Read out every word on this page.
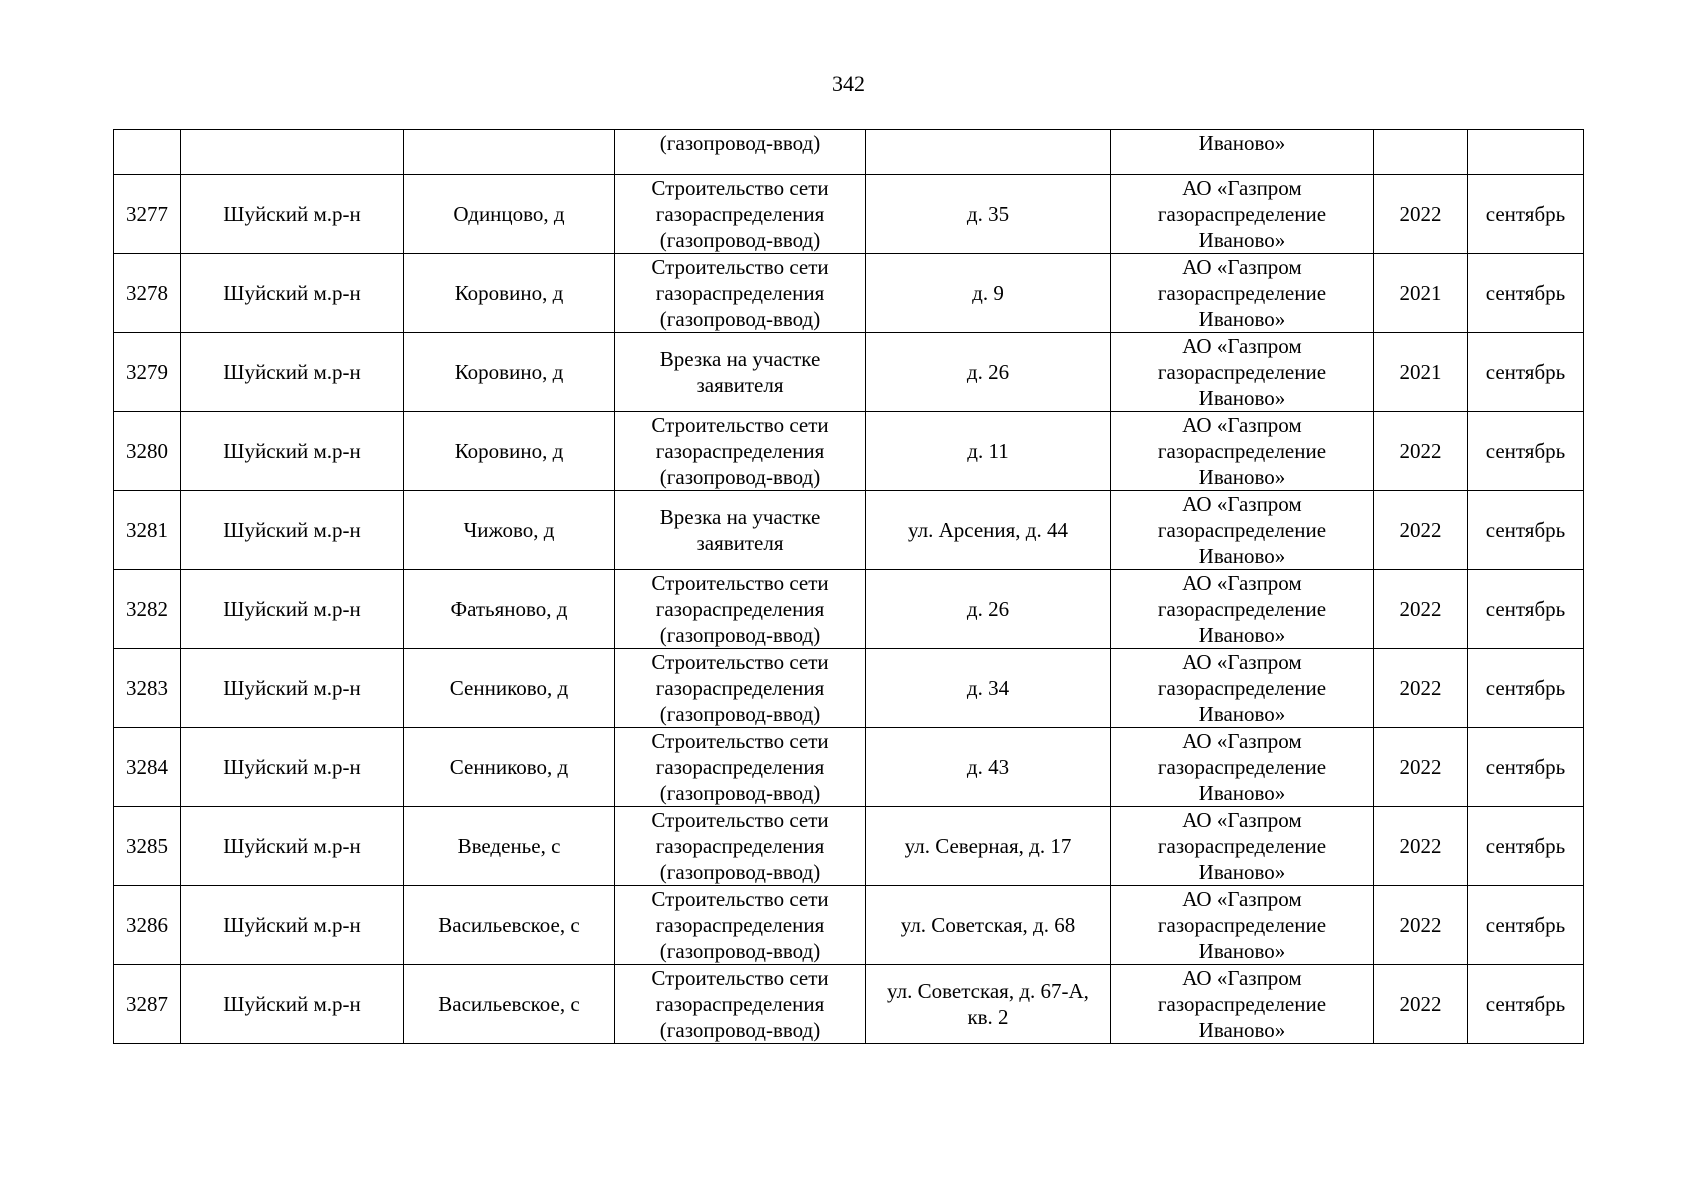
342
			(газопровод-ввод)		Иваново»		
3277	Шуйский м.р-н	Одинцово, д	Строительство сети
газораспределения
(газопровод-ввод)	д. 35	АО «Газпром
газораспределение
Иваново»	2022	сентябрь
3278	Шуйский м.р-н	Коровино, д	Строительство сети
газораспределения
(газопровод-ввод)	д. 9	АО «Газпром
газораспределение
Иваново»	2021	сентябрь
3279	Шуйский м.р-н	Коровино, д	Врезка на участке
заявителя	д. 26	АО «Газпром
газораспределение
Иваново»	2021	сентябрь
3280	Шуйский м.р-н	Коровино, д	Строительство сети
газораспределения
(газопровод-ввод)	д. 11	АО «Газпром
газораспределение
Иваново»	2022	сентябрь
3281	Шуйский м.р-н	Чижово, д	Врезка на участке
заявителя	ул. Арсения, д. 44	АО «Газпром
газораспределение
Иваново»	2022	сентябрь
3282	Шуйский м.р-н	Фатьяново, д	Строительство сети
газораспределения
(газопровод-ввод)	д. 26	АО «Газпром
газораспределение
Иваново»	2022	сентябрь
3283	Шуйский м.р-н	Сенниково, д	Строительство сети
газораспределения
(газопровод-ввод)	д. 34	АО «Газпром
газораспределение
Иваново»	2022	сентябрь
3284	Шуйский м.р-н	Сенниково, д	Строительство сети
газораспределения
(газопровод-ввод)	д. 43	АО «Газпром
газораспределение
Иваново»	2022	сентябрь
3285	Шуйский м.р-н	Введенье, с	Строительство сети
газораспределения
(газопровод-ввод)	ул. Северная, д. 17	АО «Газпром
газораспределение
Иваново»	2022	сентябрь
3286	Шуйский м.р-н	Васильевское, с	Строительство сети
газораспределения
(газопровод-ввод)	ул. Советская, д. 68	АО «Газпром
газораспределение
Иваново»	2022	сентябрь
3287	Шуйский м.р-н	Васильевское, с	Строительство сети
газораспределения
(газопровод-ввод)	ул. Советская, д. 67-А,
кв. 2	АО «Газпром
газораспределение
Иваново»	2022	сентябрь
